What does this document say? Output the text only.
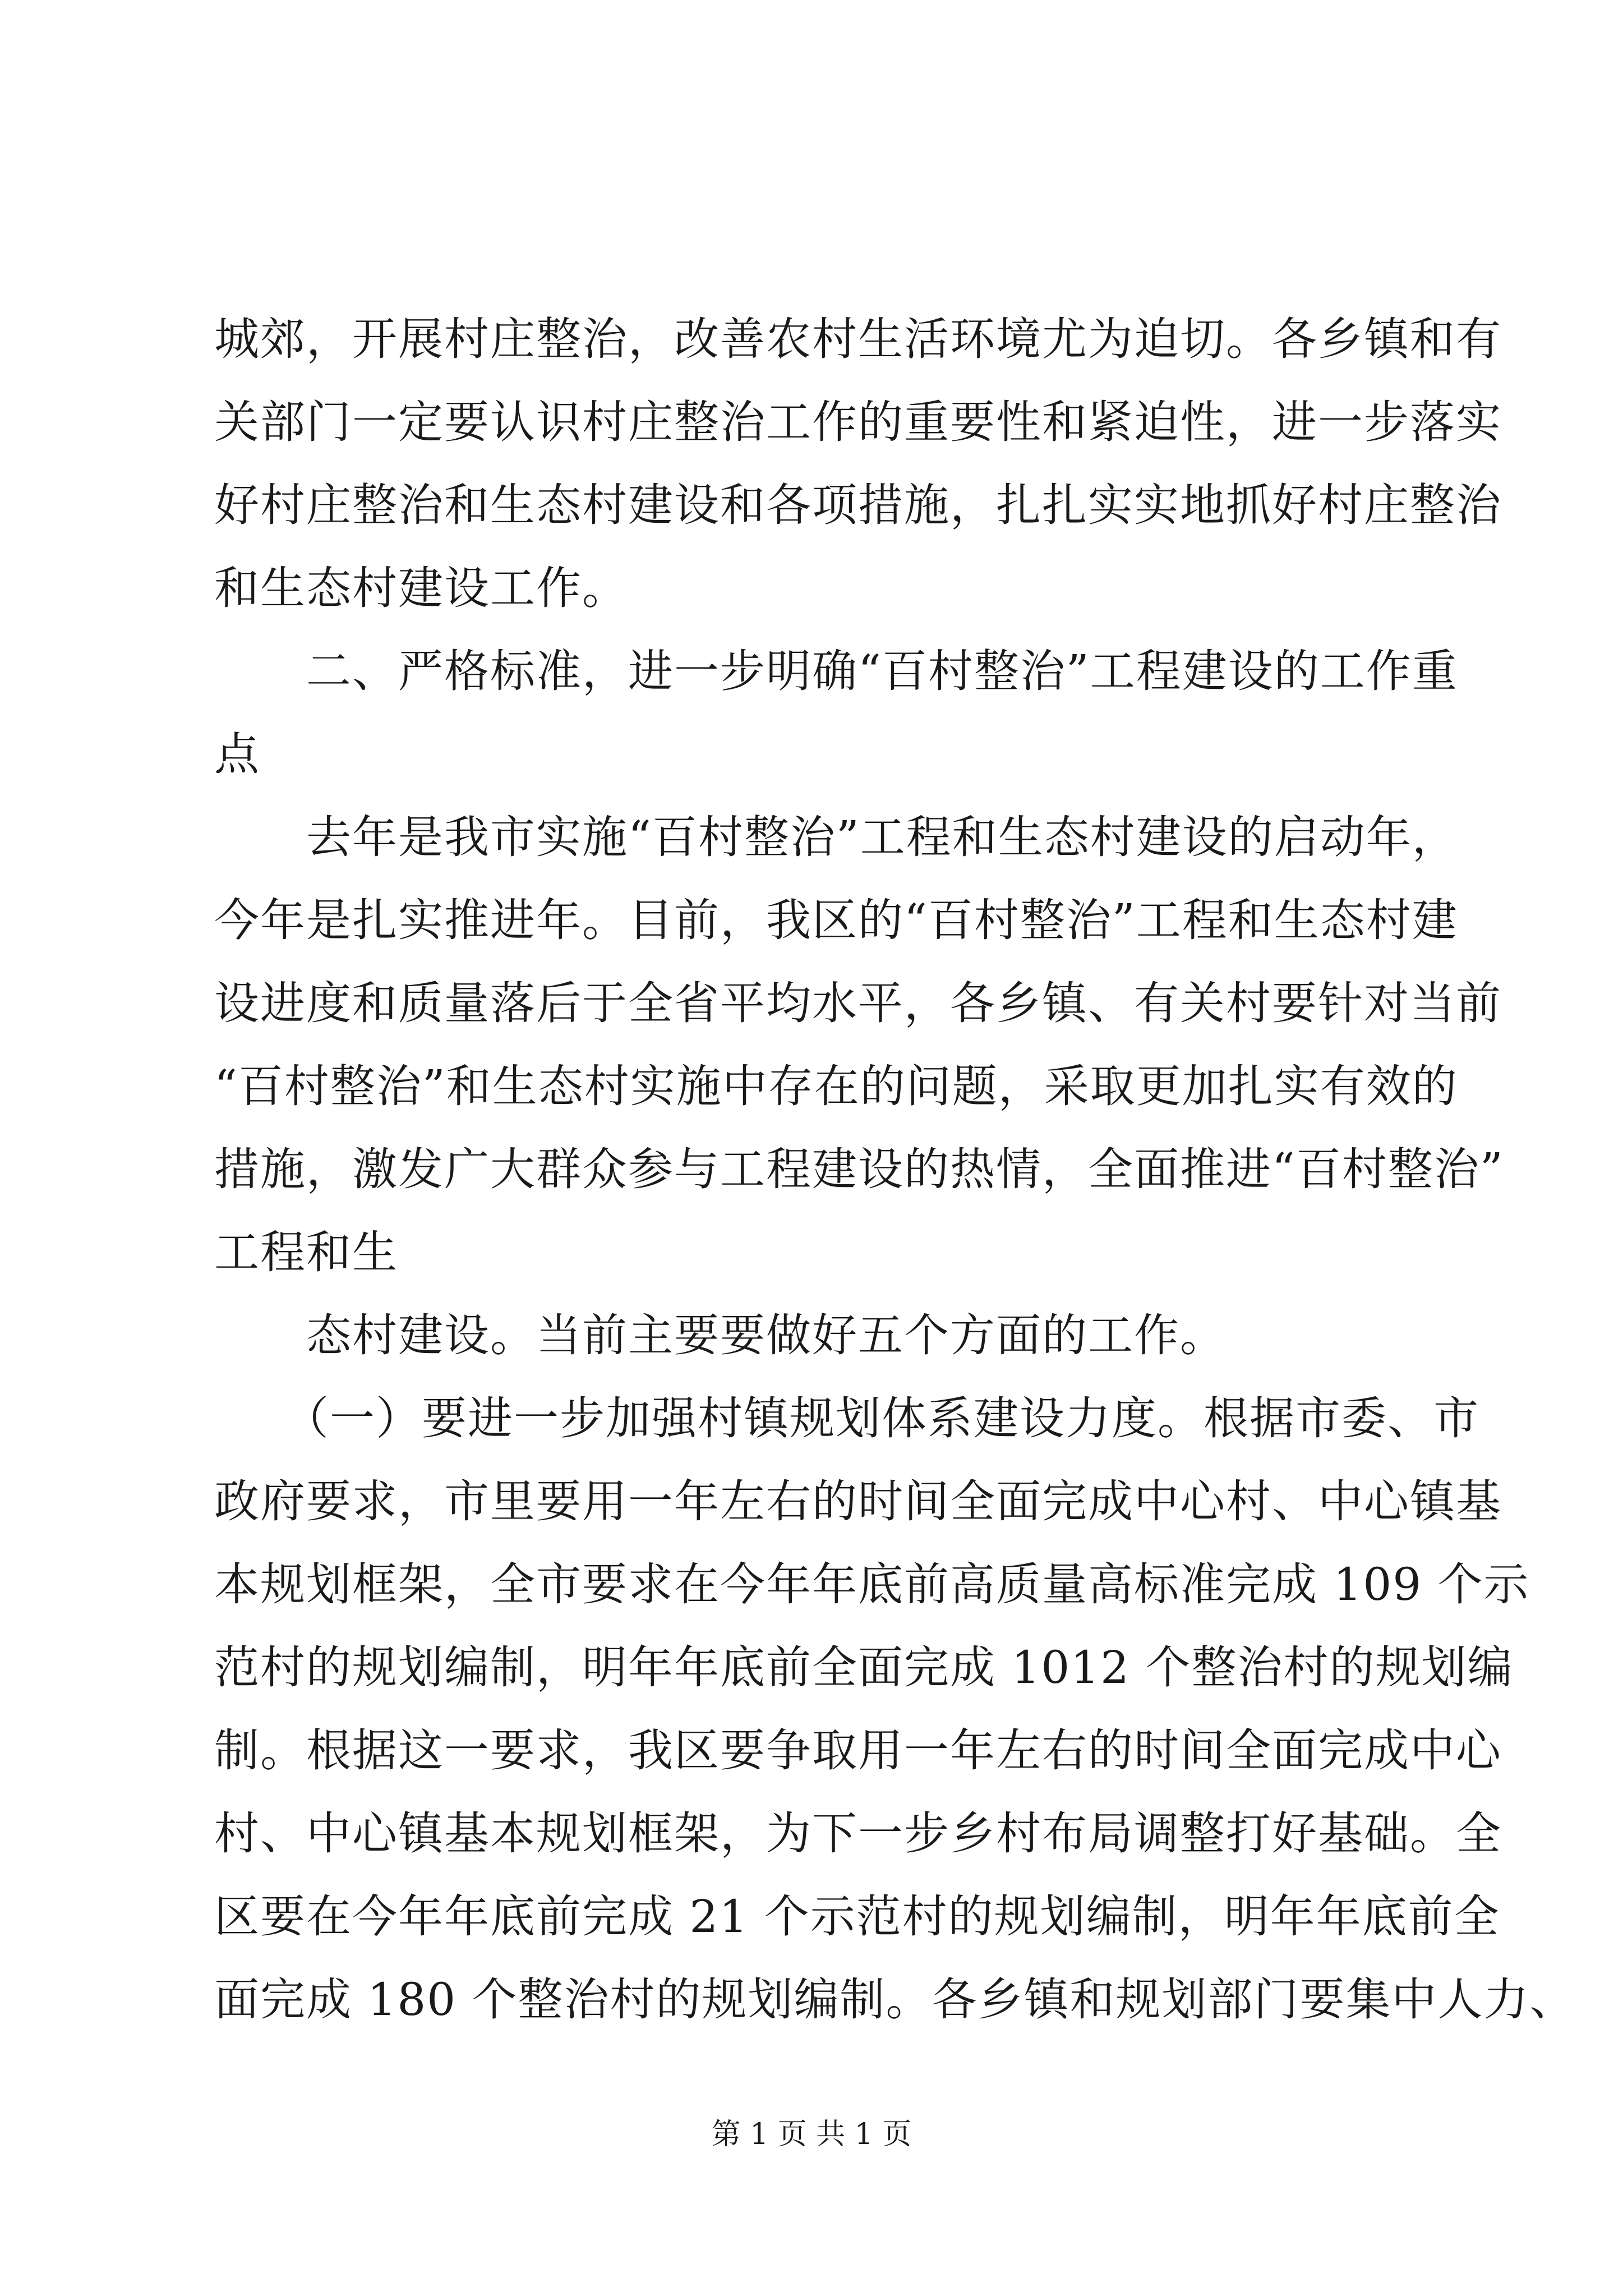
城郊，开展村庄整治，改善农村生活环境尤为迫切。各乡镇和有
关部门一定要认识村庄整治工作的重要性和紧迫性，进一步落实
好村庄整治和生态村建设和各项措施，扎扎实实地抓好村庄整治
和生态村建设工作。
　　二、严格标准，进一步明确“百村整治”工程建设的工作重
点
　　去年是我市实施“百村整治”工程和生态村建设的启动年，
今年是扎实推进年。目前，我区的“百村整治”工程和生态村建
设进度和质量落后于全省平均水平，各乡镇、有关村要针对当前
“百村整治”和生态村实施中存在的问题，采取更加扎实有效的
措施，激发广大群众参与工程建设的热情，全面推进“百村整治”
工程和生
　　态村建设。当前主要要做好五个方面的工作。
　　（一）要进一步加强村镇规划体系建设力度。根据市委、市
政府要求，市里要用一年左右的时间全面完成中心村、中心镇基
本规划框架，全市要求在今年年底前高质量高标准完成 109 个示
范村的规划编制，明年年底前全面完成 1012 个整治村的规划编
制。根据这一要求，我区要争取用一年左右的时间全面完成中心
村、中心镇基本规划框架，为下一步乡村布局调整打好基础。全
区要在今年年底前完成 21 个示范村的规划编制，明年年底前全
面完成 180 个整治村的规划编制。各乡镇和规划部门要集中人力、
第 1 页 共 1 页
